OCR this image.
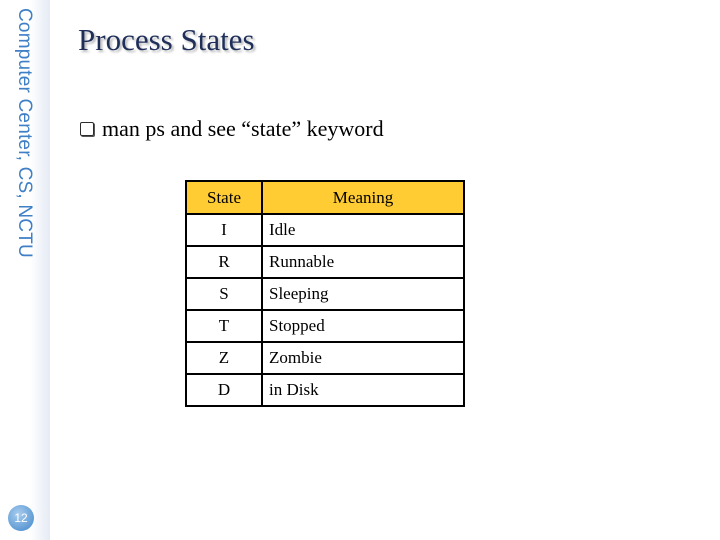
Computer Center, CS, NCTU
12
Process States
man ps and see “state” keyword
State	Meaning
I	Idle
R	Runnable
S	Sleeping
T	Stopped
Z	Zombie
D	in Disk
